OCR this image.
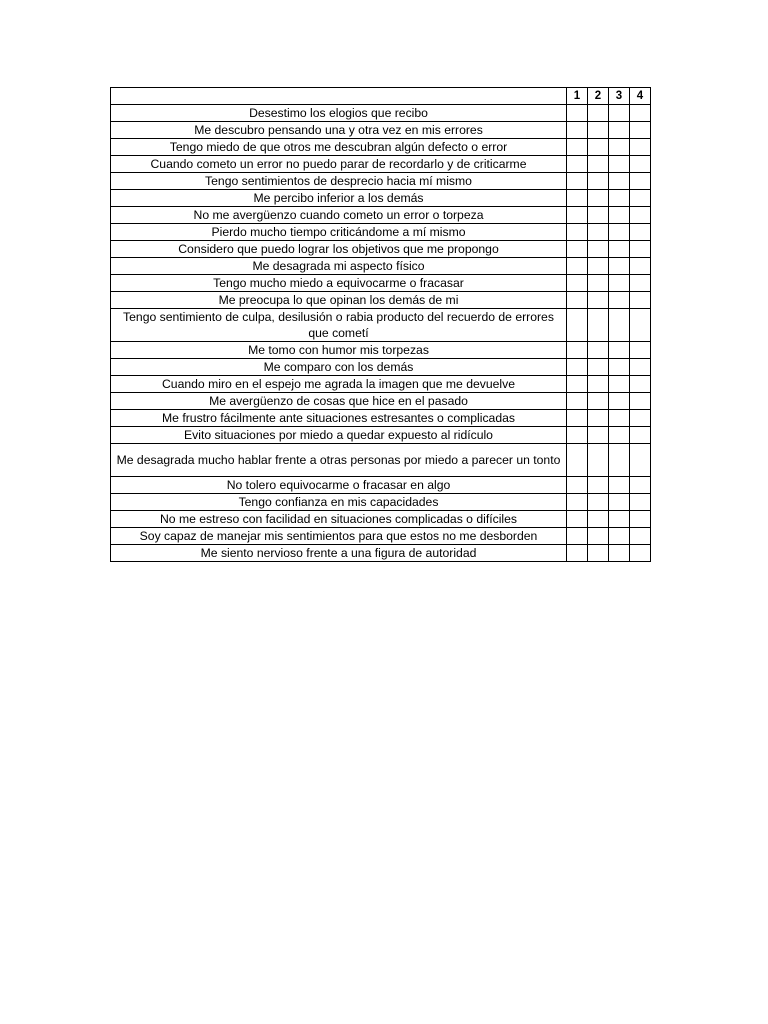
	1	2	3	4
Desestimo los elogios que recibo				
Me descubro pensando una y otra vez en mis errores				
Tengo miedo de que otros me descubran algún defecto o error				
Cuando cometo un error no puedo parar de recordarlo y de criticarme				
Tengo sentimientos de desprecio hacia mí mismo				
Me percibo inferior a los demás				
No me avergüenzo cuando cometo un error o torpeza				
Pierdo mucho tiempo criticándome a mí mismo				
Considero que puedo lograr los objetivos que me propongo				
Me desagrada mi aspecto físico				
Tengo mucho miedo a equivocarme o fracasar				
Me preocupa lo que opinan los demás de mi				
Tengo sentimiento de culpa, desilusión o rabia producto del recuerdo de errores que cometí				
Me tomo con humor mis torpezas				
Me comparo con los demás				
Cuando miro en el espejo me agrada la imagen que me devuelve				
Me avergüenzo de cosas que hice en el pasado				
Me frustro fácilmente ante situaciones estresantes o complicadas				
Evito situaciones por miedo a quedar expuesto al ridículo				
Me desagrada mucho hablar frente a otras personas por miedo a parecer un tonto				
No tolero equivocarme o fracasar en algo				
Tengo confianza en mis capacidades				
No me estreso con facilidad en situaciones complicadas o difíciles				
Soy capaz de manejar mis sentimientos para que estos no me desborden				
Me siento nervioso frente a una figura de autoridad				
